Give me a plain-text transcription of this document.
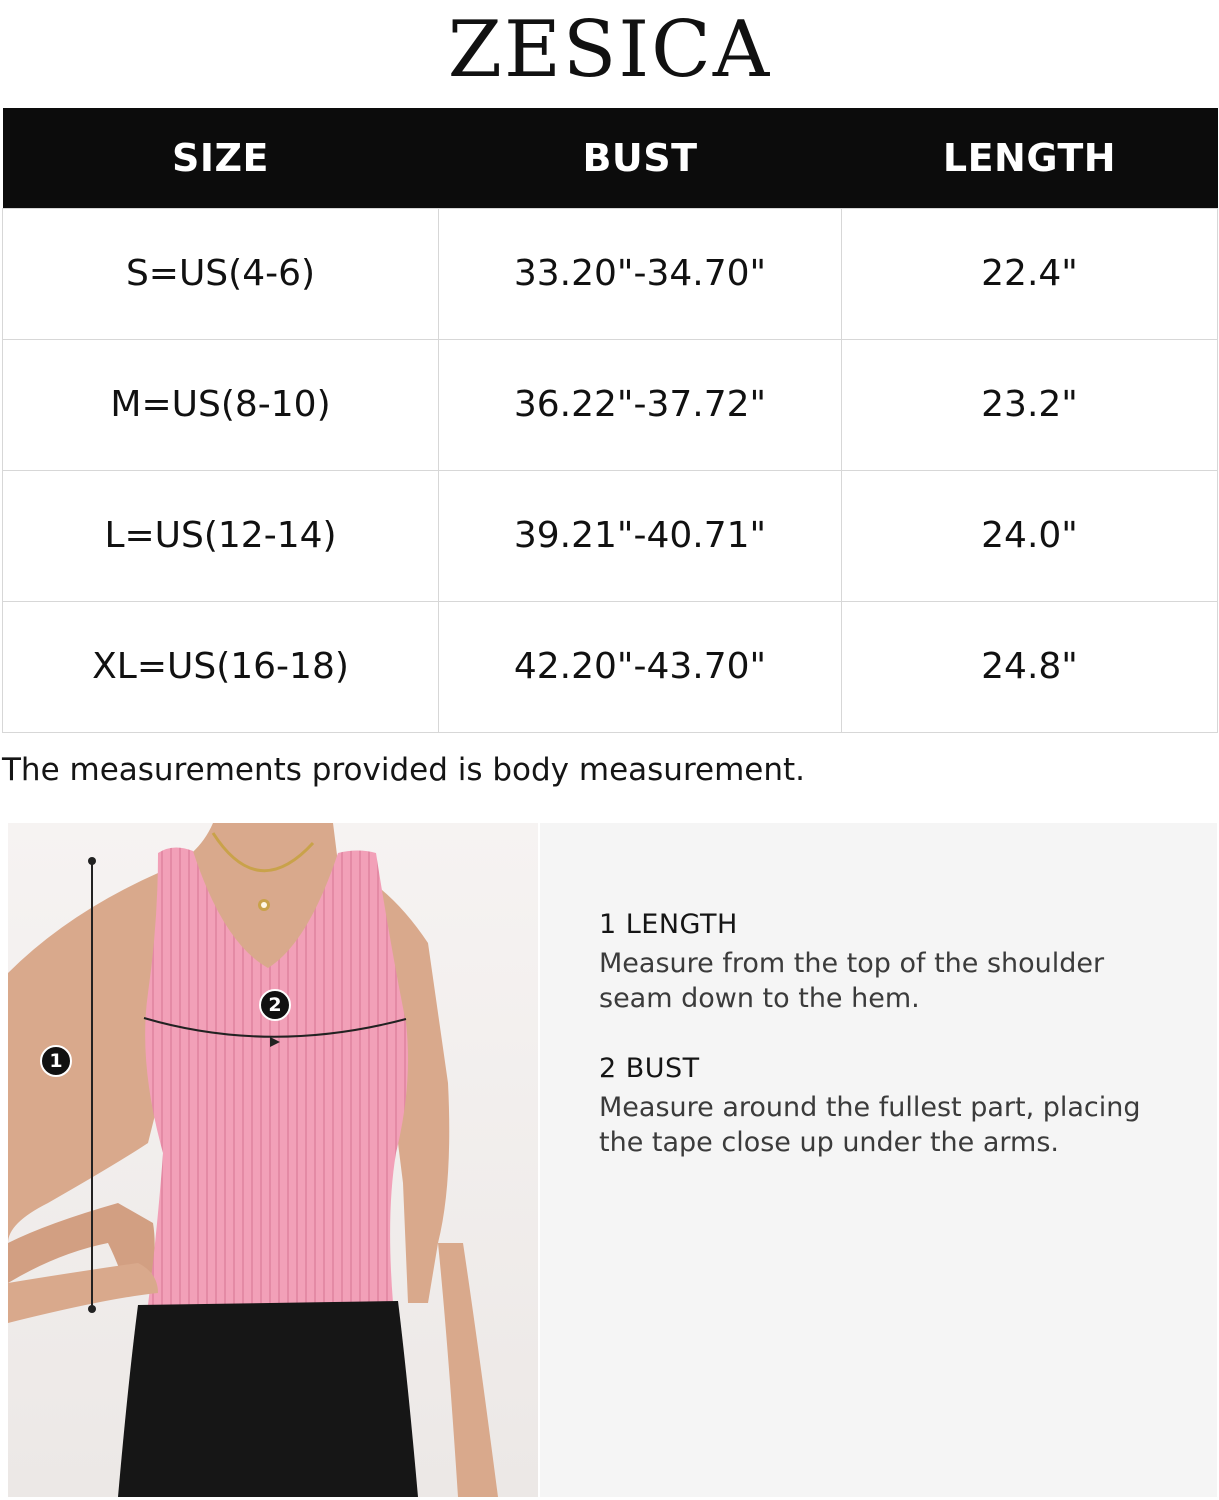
ZESICA
SIZE	BUST	LENGTH
S=US(4-6)	33.20"-34.70"	22.4"
M=US(8-10)	36.22"-37.72"	23.2"
L=US(12-14)	39.21"-40.71"	24.0"
XL=US(16-18)	42.20"-43.70"	24.8"
The measurements provided is body measurement.
1
2
1 LENGTH
Measure from the top of the shoulder
seam down to the hem.
2 BUST
Measure around the fullest part, placing
the tape close up under the arms.
